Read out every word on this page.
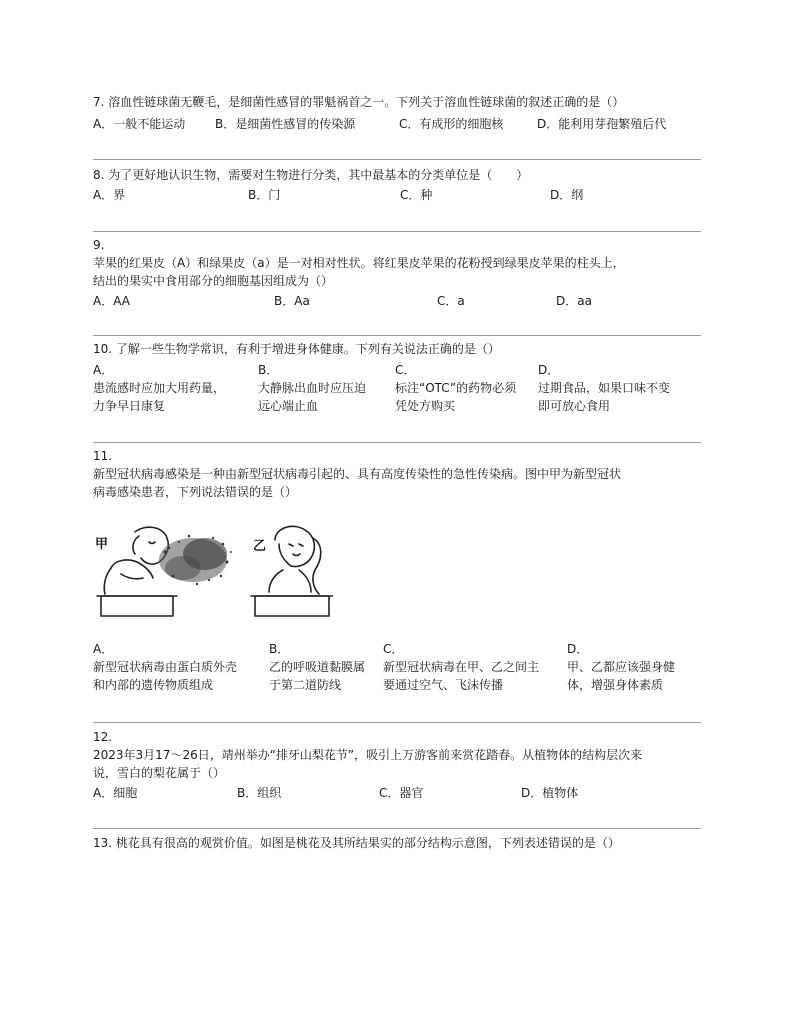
7. 溶血性链球菌无鞭毛，是细菌性感冒的罪魁祸首之一。下列关于溶血性链球菌的叙述正确的是（）

A．一般不能运动 B．是细菌性感冒的传染源	C．有成形的细胞核	D．能利用芽孢繁殖后代

8. 为了更好地认识生物，需要对生物进行分类，其中最基本的分类单位是（　　）

A．界	B．门	C．种	D．纲

9.

苹果的红果皮（A）和绿果皮（a）是一对相对性状。将红果皮苹果的花粉授到绿果皮苹果的柱头上，

结出的果实中食用部分的细胞基因组成为（）

A．AA	B．Aa	C．a	D．aa

10. 了解一些生物学常识，有利于增进身体健康。下列有关说法正确的是（）

A．

患流感时应加大用药量，

力争早日康复

B．

大静脉出血时应压迫

远心端止血

C．

标注“OTC”的药物必须

凭处方购买

D．

过期食品，如果口味不变

即可放心食用

11.

新型冠状病毒感染是一种由新型冠状病毒引起的、具有高度传染性的急性传染病。图中甲为新型冠状

病毒感染患者，下列说法错误的是（）

甲	乙

A．

新型冠状病毒由蛋白质外壳

和内部的遗传物质组成

B．

乙的呼吸道黏膜属

于第二道防线

C．

新型冠状病毒在甲、乙之间主

要通过空气、飞沫传播

D．

甲、乙都应该强身健

体，增强身体素质

12.

2023年3月17～26日，靖州举办“排牙山梨花节”，吸引上万游客前来赏花踏春。从植物体的结构层次来

说，雪白的梨花属于（）

A．细胞	B．组织	C．器官	D．植物体

13. 桃花具有很高的观赏价值。如图是桃花及其所结果实的部分结构示意图，下列表述错误的是（）
